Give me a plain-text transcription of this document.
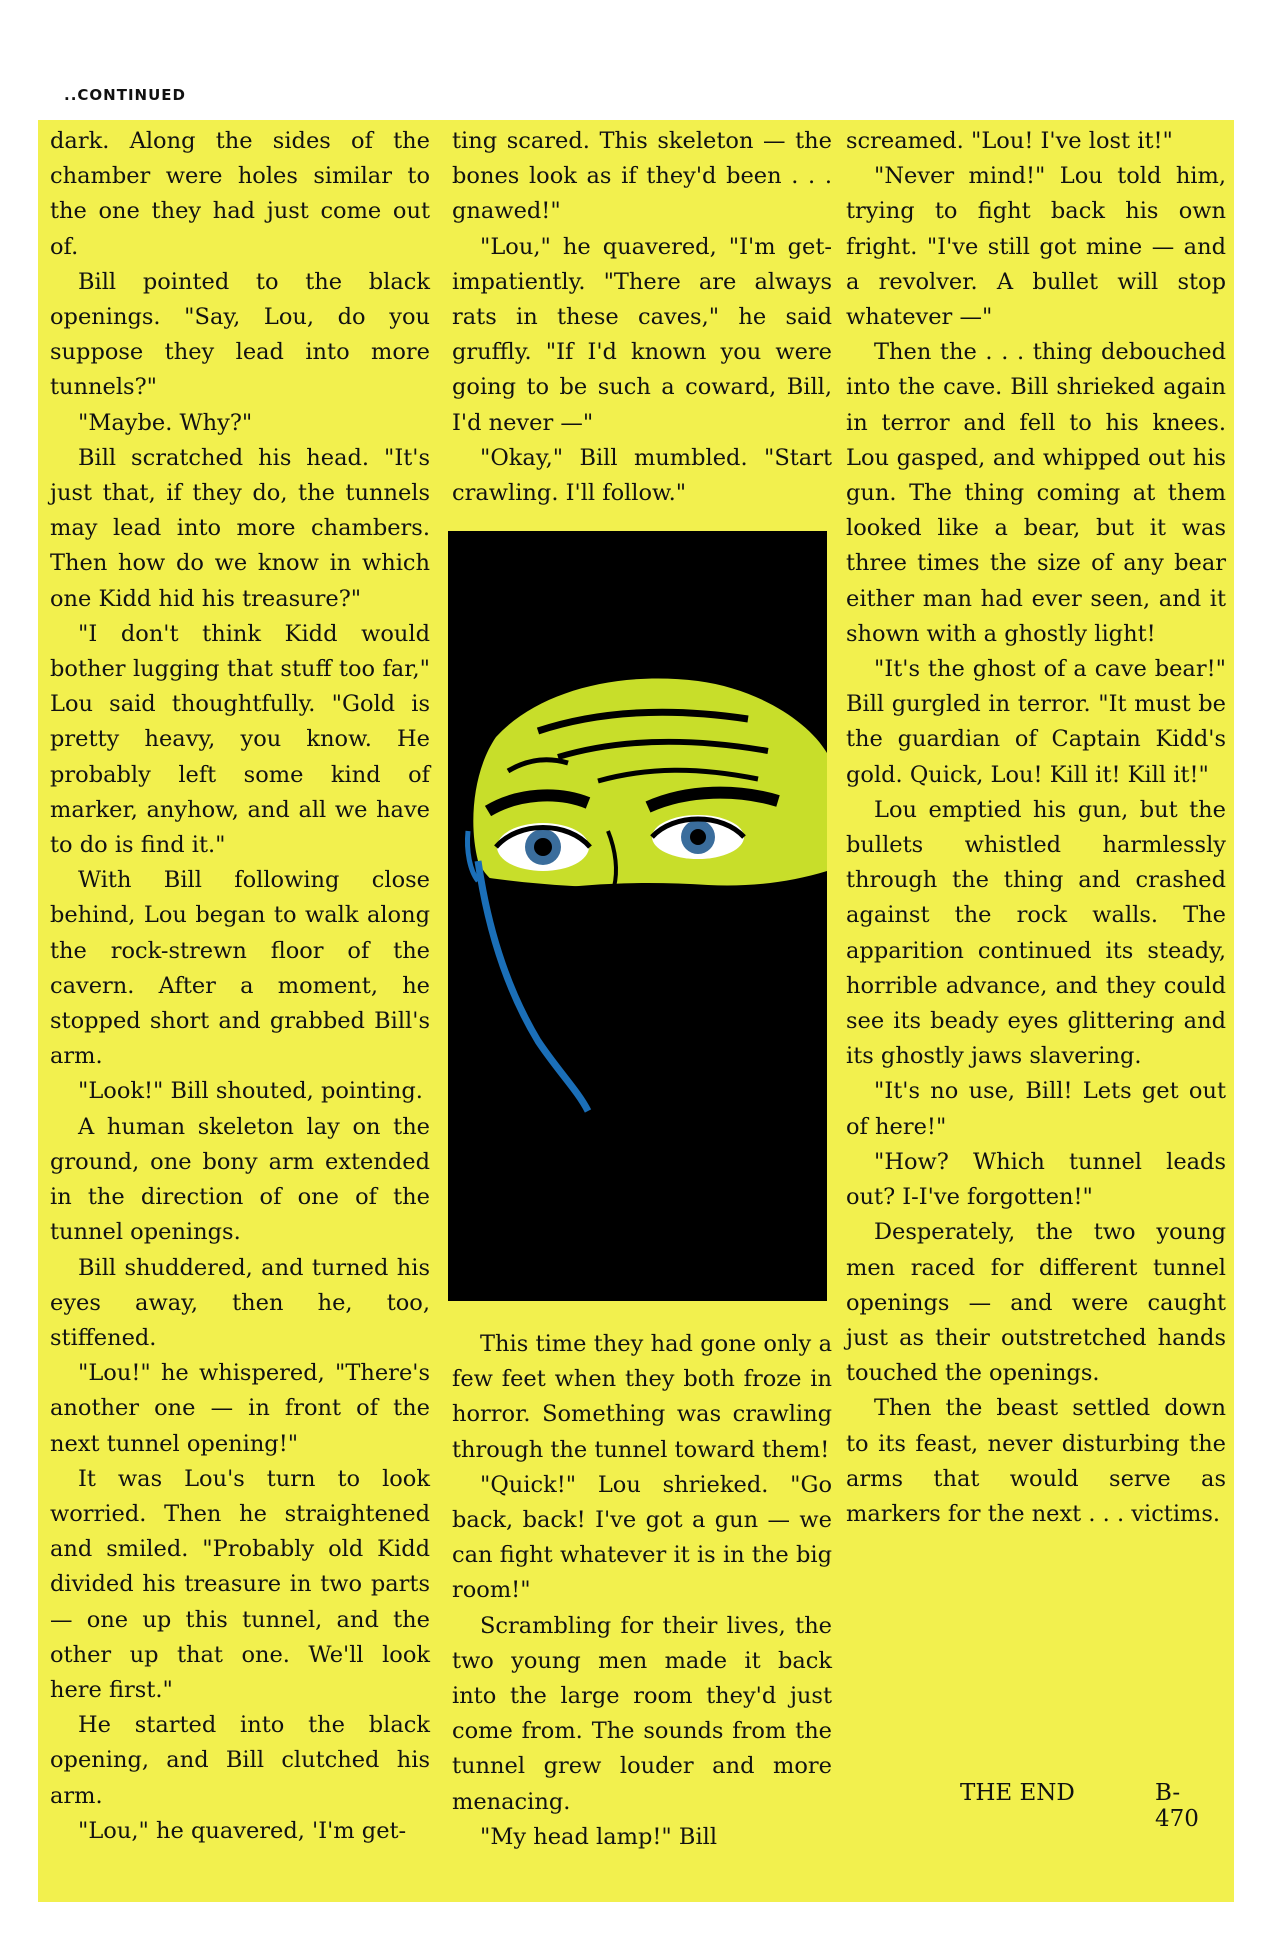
..CONTINUED

dark. Along the sides of the chamber were holes similar to the one they had just come out of.

Bill pointed to the black openings. "Say, Lou, do you suppose they lead into more tunnels?"

"Maybe. Why?"

Bill scratched his head. "It's just that, if they do, the tunnels may lead into more chambers. Then how do we know in which one Kidd hid his treasure?"

"I don't think Kidd would bother lugging that stuff too far," Lou said thoughtfully. "Gold is pretty heavy, you know. He probably left some kind of marker, anyhow, and all we have to do is find it."

With Bill following close behind, Lou began to walk along the rock-strewn floor of the cavern. After a moment, he stopped short and grabbed Bill's arm.

"Look!" Bill shouted, pointing.

A human skeleton lay on the ground, one bony arm extended in the direction of one of the tunnel openings.

Bill shuddered, and turned his eyes away, then he, too, stiffened.

"Lou!" he whispered, "There's another one — in front of the next tunnel opening!"

It was Lou's turn to look worried. Then he straightened and smiled. "Probably old Kidd divided his treasure in two parts — one up this tunnel, and the other up that one. We'll look here first."

He started into the black opening, and Bill clutched his arm.

"Lou," he quavered, 'I'm get-

ting scared. This skeleton — the bones look as if they'd been . . . gnawed!"

"Lou," he quavered, "I'm get- impatiently. "There are always rats in these caves," he said gruffly. "If I'd known you were going to be such a coward, Bill, I'd never —"

"Okay," Bill mumbled. "Start crawling. I'll follow."

This time they had gone only a few feet when they both froze in horror. Something was crawling through the tunnel toward them!

"Quick!" Lou shrieked. "Go back, back! I've got a gun — we can fight whatever it is in the big room!"

Scrambling for their lives, the two young men made it back into the large room they'd just come from. The sounds from the tunnel grew louder and more menacing.

"My head lamp!" Bill

screamed. "Lou! I've lost it!"

"Never mind!" Lou told him, trying to fight back his own fright. "I've still got mine — and a revolver. A bullet will stop whatever —"

Then the . . . thing debouched into the cave. Bill shrieked again in terror and fell to his knees. Lou gasped, and whipped out his gun. The thing coming at them looked like a bear, but it was three times the size of any bear either man had ever seen, and it shown with a ghostly light!

"It's the ghost of a cave bear!" Bill gurgled in terror. "It must be the guardian of Captain Kidd's gold. Quick, Lou! Kill it! Kill it!"

Lou emptied his gun, but the bullets whistled harmlessly through the thing and crashed against the rock walls. The apparition continued its steady, horrible advance, and they could see its beady eyes glittering and its ghostly jaws slavering.

"It's no use, Bill! Lets get out of here!"

"How? Which tunnel leads out? I-I've forgotten!"

Desperately, the two young men raced for different tunnel openings — and were caught just as their outstretched hands touched the openings.

Then the beast settled down to its feast, never disturbing the arms that would serve as markers for the next . . . victims.

THE END	B-470
